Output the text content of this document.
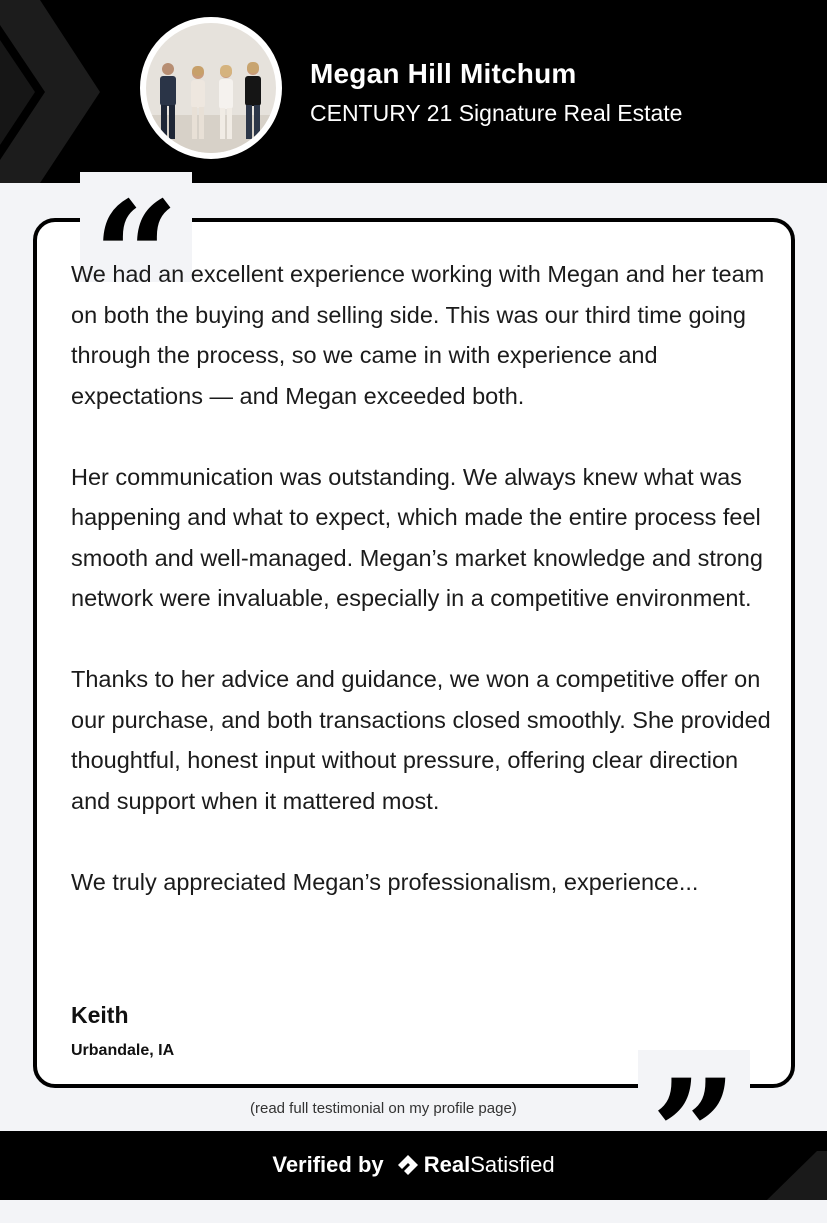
Megan Hill Mitchum
CENTURY 21 Signature Real Estate
“

We had an excellent experience working with Megan and her team on both the buying and selling side. This was our third time going through the process, so we came in with experience and expectations — and Megan exceeded both.

Her communication was outstanding. We always knew what was happening and what to expect, which made the entire process feel smooth and well-managed. Megan’s market knowledge and strong network were invaluable, especially in a competitive environment.

Thanks to her advice and guidance, we won a competitive offer on our purchase, and both transactions closed smoothly. She provided thoughtful, honest input without pressure, offering clear direction and support when it mattered most.

We truly appreciated Megan’s professionalism, experience...

Keith
Urbandale, IA
(read full testimonial on my profile page)
Verified by RealSatisfied
